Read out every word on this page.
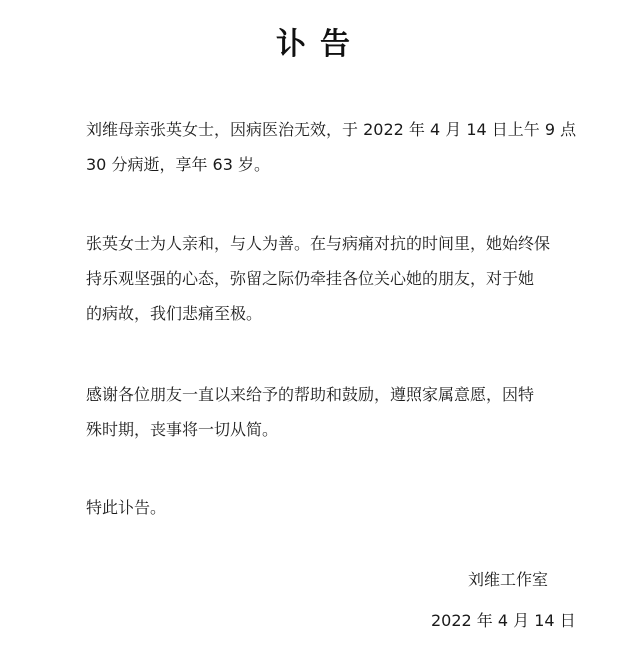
讣告

刘维母亲张英女士，因病医治无效，于 2022 年 4 月 14 日上午 9 点
30 分病逝，享年 63 岁。

张英女士为人亲和，与人为善。在与病痛对抗的时间里，她始终保
持乐观坚强的心态，弥留之际仍牵挂各位关心她的朋友，对于她
的病故，我们悲痛至极。

感谢各位朋友一直以来给予的帮助和鼓励，遵照家属意愿，因特
殊时期，丧事将一切从简。

特此讣告。

刘维工作室
2022 年 4 月 14 日
